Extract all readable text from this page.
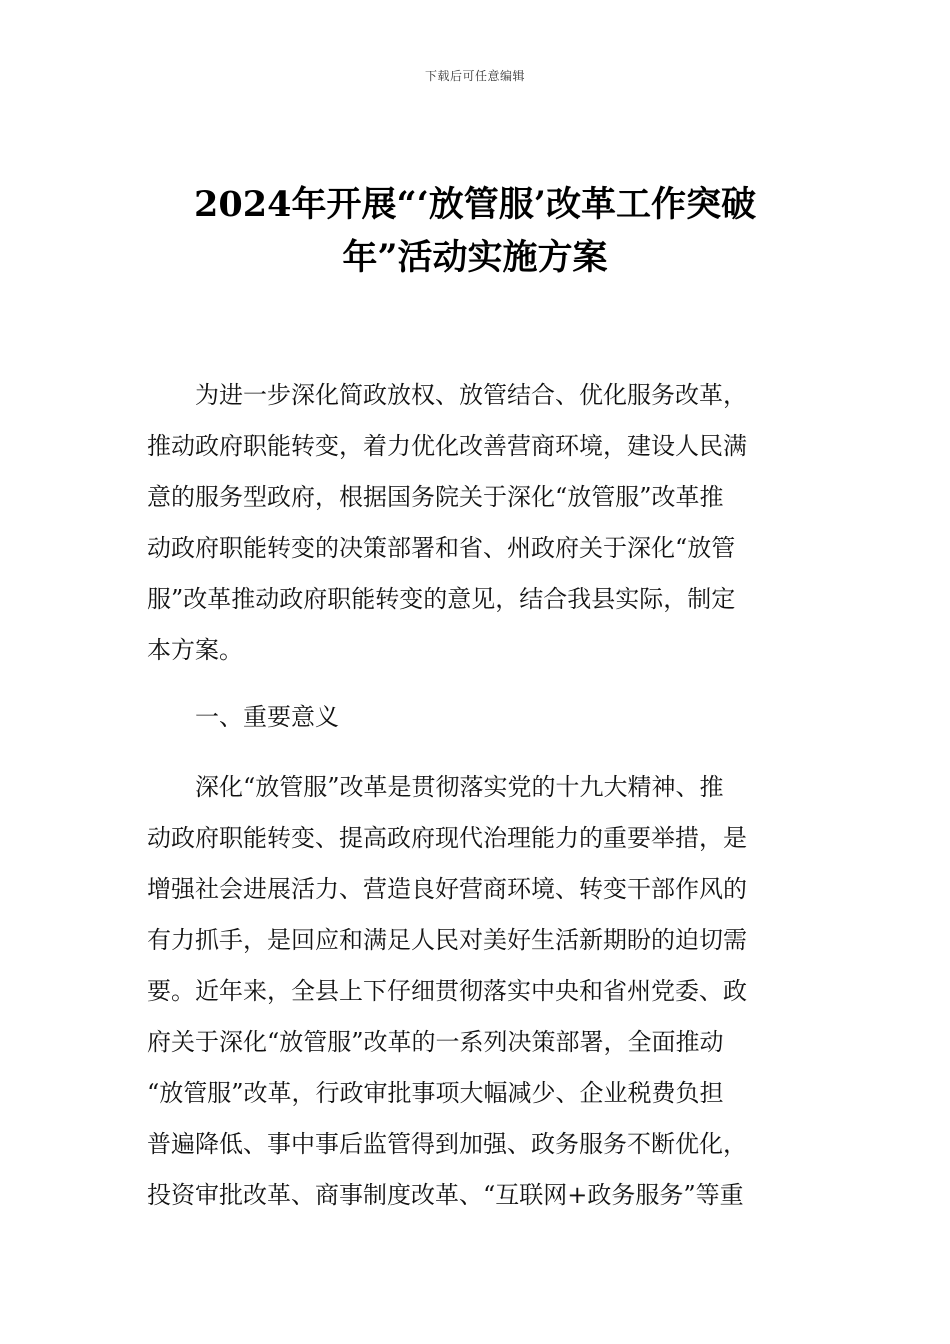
下载后可任意编辑
2024年开展“‘放管服’改革工作突破
年”活动实施方案
为进一步深化简政放权、放管结合、优化服务改革，
推动政府职能转变，着力优化改善营商环境，建设人民满
意的服务型政府，根据国务院关于深化“放管服”改革推
动政府职能转变的决策部署和省、州政府关于深化“放管
服”改革推动政府职能转变的意见，结合我县实际，制定
本方案。
一、重要意义
深化“放管服”改革是贯彻落实党的十九大精神、推
动政府职能转变、提高政府现代治理能力的重要举措，是
增强社会进展活力、营造良好营商环境、转变干部作风的
有力抓手，是回应和满足人民对美好生活新期盼的迫切需
要。近年来，全县上下仔细贯彻落实中央和省州党委、政
府关于深化“放管服”改革的一系列决策部署，全面推动
“放管服”改革，行政审批事项大幅减少、企业税费负担
普遍降低、事中事后监管得到加强、政务服务不断优化，
投资审批改革、商事制度改革、“互联网+政务服务”等重
